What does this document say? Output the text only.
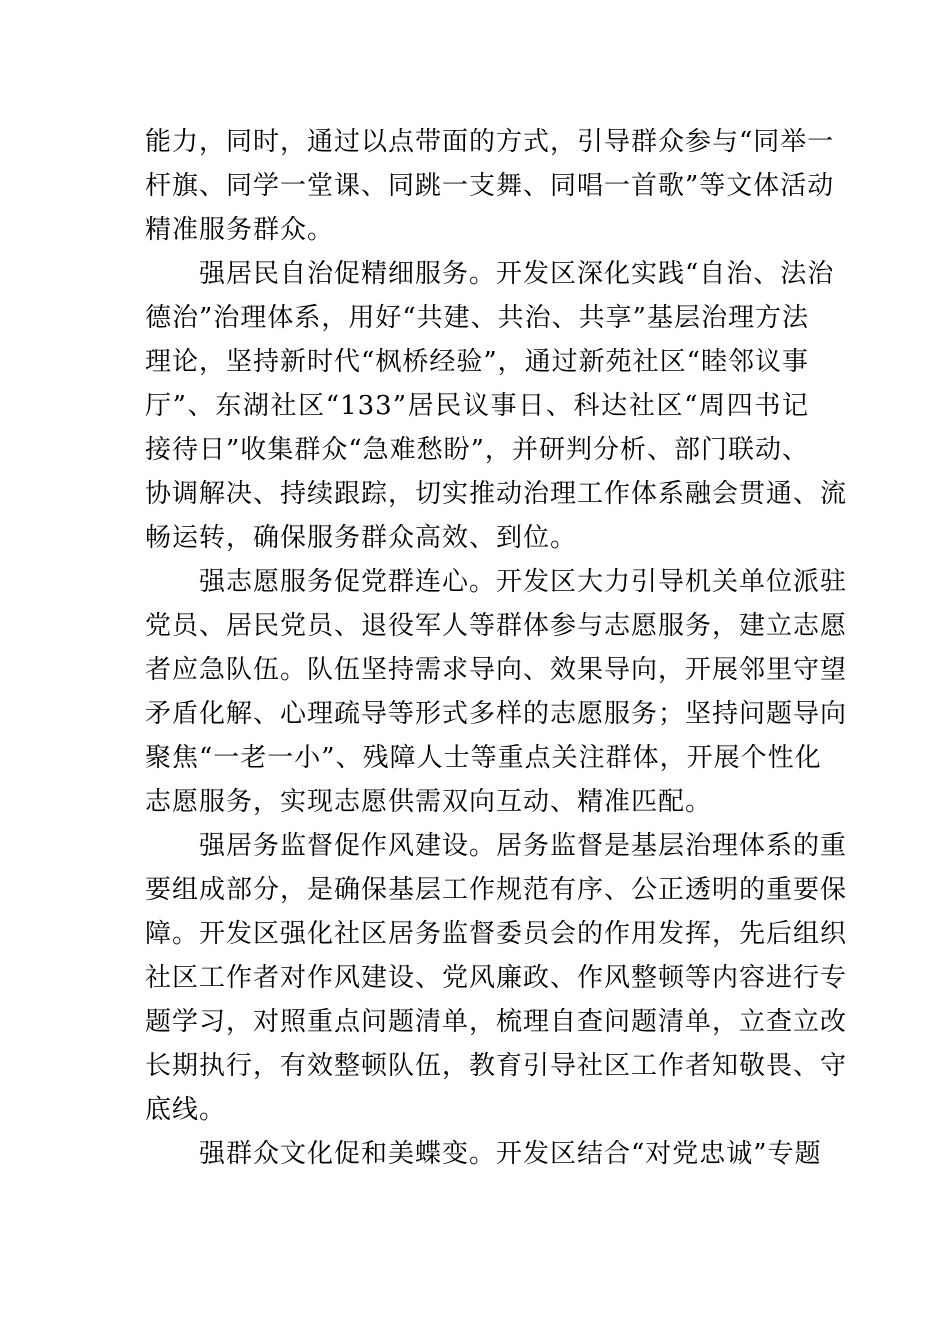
能力，同时，通过以点带面的方式，引导群众参与“同举一
杆旗、同学一堂课、同跳一支舞、同唱一首歌”等文体活动
精准服务群众。
强居民自治促精细服务。开发区深化实践“自治、法治
德治”治理体系，用好“共建、共治、共享”基层治理方法
理论，坚持新时代“枫桥经验”，通过新苑社区“睦邻议事
厅”、东湖社区“133”居民议事日、科达社区“周四书记
接待日”收集群众“急难愁盼”，并研判分析、部门联动、
协调解决、持续跟踪，切实推动治理工作体系融会贯通、流
畅运转，确保服务群众高效、到位。
强志愿服务促党群连心。开发区大力引导机关单位派驻
党员、居民党员、退役军人等群体参与志愿服务，建立志愿
者应急队伍。队伍坚持需求导向、效果导向，开展邻里守望
矛盾化解、心理疏导等形式多样的志愿服务；坚持问题导向
聚焦“一老一小”、残障人士等重点关注群体，开展个性化
志愿服务，实现志愿供需双向互动、精准匹配。
强居务监督促作风建设。居务监督是基层治理体系的重
要组成部分，是确保基层工作规范有序、公正透明的重要保
障。开发区强化社区居务监督委员会的作用发挥，先后组织
社区工作者对作风建设、党风廉政、作风整顿等内容进行专
题学习，对照重点问题清单，梳理自查问题清单，立查立改
长期执行，有效整顿队伍，教育引导社区工作者知敬畏、守
底线。
强群众文化促和美蝶变。开发区结合“对党忠诚”专题
